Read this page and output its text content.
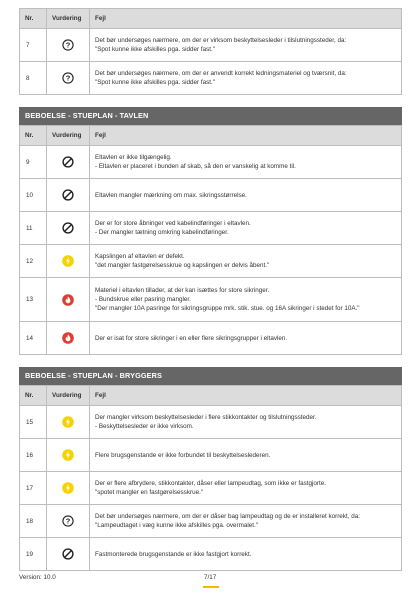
Nr.	Vurdering	Fejl
7	?	Det bør undersøges nærmere, om der er virksom beskyttelsesleder i tilslutningssteder, da:
"Spot kunne ikke afskilles pga. sidder fast."

8	?	Det bør undersøges nærmere, om der er anvendt korrekt ledningsmateriel og tværsnit, da:
"Spot kunne ikke afskilles pga. sidder fast."
BEBOELSE - STUEPLAN - TAVLEN
Nr.	Vurdering	Fejl
9		Eltavlen er ikke tilgængelig.
- Eltavlen er placeret i bunden af skab, så den er vanskelig at komme til.

10		Eltavlen mangler mærkning om max. sikringsstørrelse.

11		Der er for store åbninger ved kabelindføringer i eltavlen.
- Der mangler tætning omkring kabelindføringer.

12		Kapslingen af eltavlen er defekt.
"det mangler fastgørelsesskrue og kapslingen er delvis åbent."

13		Materiel i eltavlen tillader, at der kan isættes for store sikringer.
- Bundskrue eller pasring mangler.
"Der mangler 10A pasringe for sikringsgruppe mrk. stik. stue. og 16A sikringer i stedet for 10A."

14		Der er isat for store sikringer i en eller flere sikringsgrupper i eltavlen.
BEBOELSE - STUEPLAN - BRYGGERS
Nr.	Vurdering	Fejl
15		Der mangler virksom beskyttelsesleder i flere stikkontakter og tilslutningssteder.
- Beskyttelsesleder er ikke virksom.

16		Flere brugsgenstande er ikke forbundet til beskyttelseslederen.

17		Der er flere afbrydere, stikkontakter, dåser eller lampeudtag, som ikke er fastgjorte.
"spotet mangler en fastgørelsesskrue."

18	?	Det bør undersøges nærmere, om der er dåser bag lampeudtag og de er installeret korrekt, da:
"Lampeudtaget i væg kunne ikke afskilles pga. overmalet."

19		Fastmonterede brugsgenstande er ikke fastgjort korrekt.
Version: 10.0	7/17
